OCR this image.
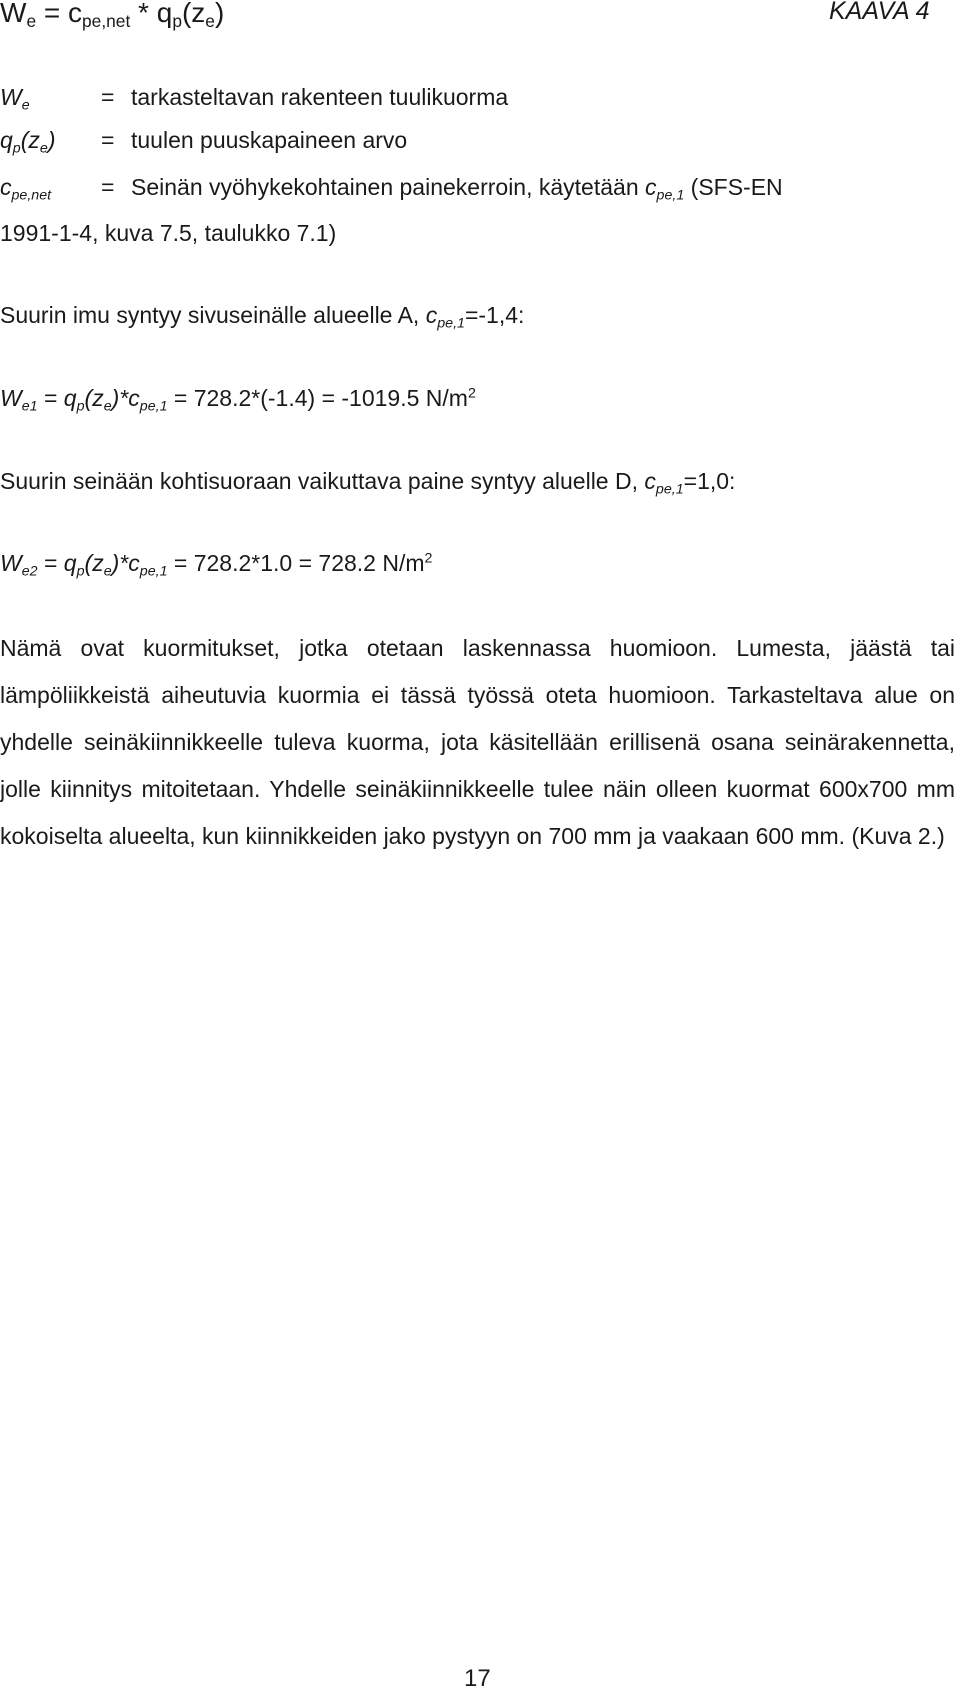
$W_e = c_{pe,net} * q_p(z_e)$	KAAVA 4
$W_e$	= tarkasteltavan rakenteen tuulikuorma
$q_p(z_e)$ = tuulen puuskapaineen arvo
$c_{pe,net}$ = Seinän vyöhykekohtainen painekerroin, käytetään $c_{pe,1}$ (SFS-EN
1991-1-4, kuva 7.5, taulukko 7.1)
Suurin imu syntyy sivuseinälle alueelle A, $c_{pe,1}=-1,4$:
$W_{e1} = q_p(z_e)*c_{pe,1} = 728.2*(-1.4) = -1019.5$ $N/m^2$
Suurin seinään kohtisuoraan vaikuttava paine syntyy aluelle D, $c_{pe,1}=1,0$:
$W_{e2} = q_p(z_e)*c_{pe,1} = 728.2*1.0 = 728.2$ $N/m^2$
Nämä ovat kuormitukset, jotka otetaan laskennassa huomioon. Lumesta, jäästä tai lämpöliikkeistä aiheutuvia kuormia ei tässä työssä oteta huomioon. Tarkasteltava alue on yhdelle seinäkiinnikkeelle tuleva kuorma, jota käsitellään erillisenä osana seinärakennetta, jolle kiinnitys mitoitetaan. Yhdelle seinäkiinnikkeelle tulee näin olleen kuormat 600x700 mm kokoiselta alueelta, kun kiinnikkeiden jako pystyyn on 700 mm ja vaakaan 600 mm. (Kuva 2.)
17
